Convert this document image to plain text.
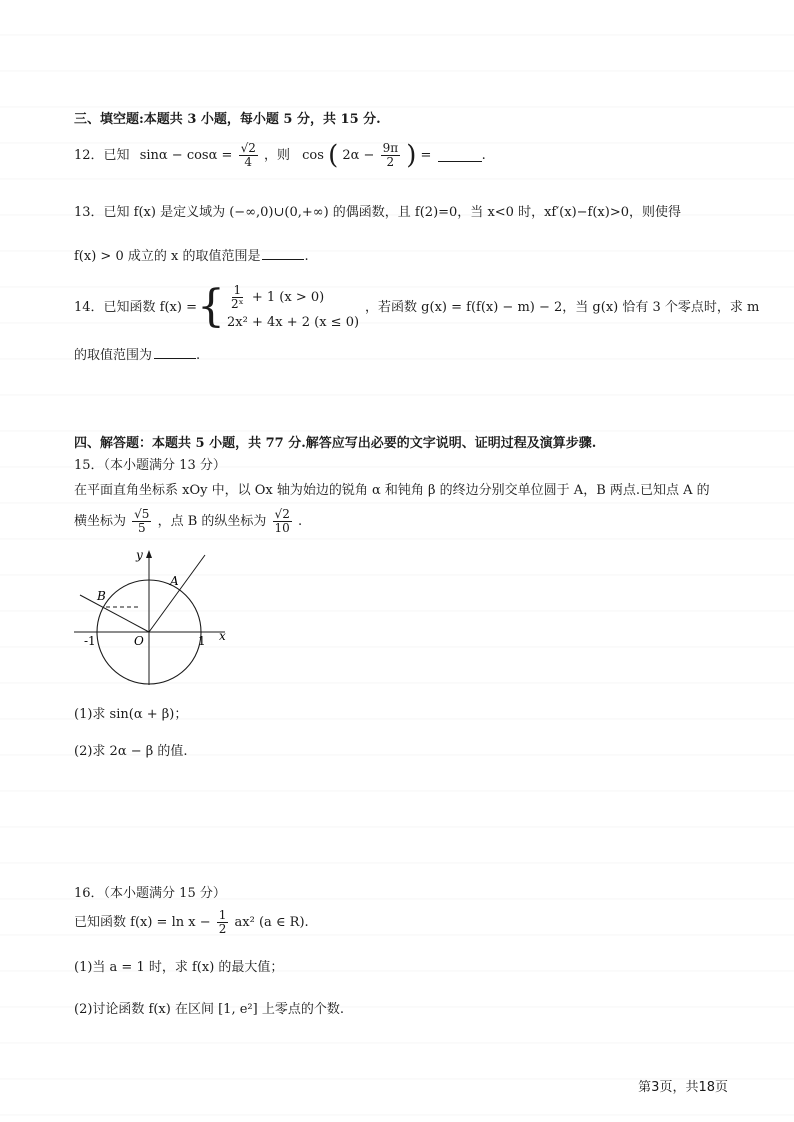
三、填空题:本题共 3 小题，每小题 5 分，共 15 分.
12．已知 $\sin\alpha - \cos\alpha = \frac{√2}{4}$ ，则 cos ( $2\alpha - \frac{9\pi}{2}$ ) =	.
13．已知 f(x) 是定义域为 (−∞,0)∪(0,+∞) 的偶函数，且 f(2)=0，当 x<0 时，xf′(x)−f(x)>0，则使得
f(x) > 0 成立的 x 的取值范围是	.
14．已知函数 f(x) = { $\frac{1}{\text{2ˣ}} + 1$ (x > 0)
2x² + 4x + 2 (x ≤ 0)
，若函数 g(x) = f(f(x) − m) − 2，当 g(x) 恰有 3 个零点时，求 m
的取值范围为	.
四、解答题：本题共 5 小题，共 77 分.解答应写出必要的文字说明、证明过程及演算步骤.
15．（本小题满分 13 分）
在平面直角坐标系 xOy 中，以 Ox 轴为始边的锐角 α 和钝角 β 的终边分别交单位圆于 A，B 两点.已知点 A 的
横坐标为 $\frac{√5}{5}$ ，点 B 的纵坐标为 $\frac{√2}{10}$ .
y
x
O
-1	1
A
B
(1)求 sin(α + β)；
(2)求 2α − β 的值.
16．（本小题满分 15 分）
已知函数 $f(x) = \ln x - \frac{1}{2} ax^2$ (a ∈ R).
(1)当 a = 1 时，求 f(x) 的最大值；
(2)讨论函数 f(x) 在区间 [1, e²] 上零点的个数.
第3页，共18页
